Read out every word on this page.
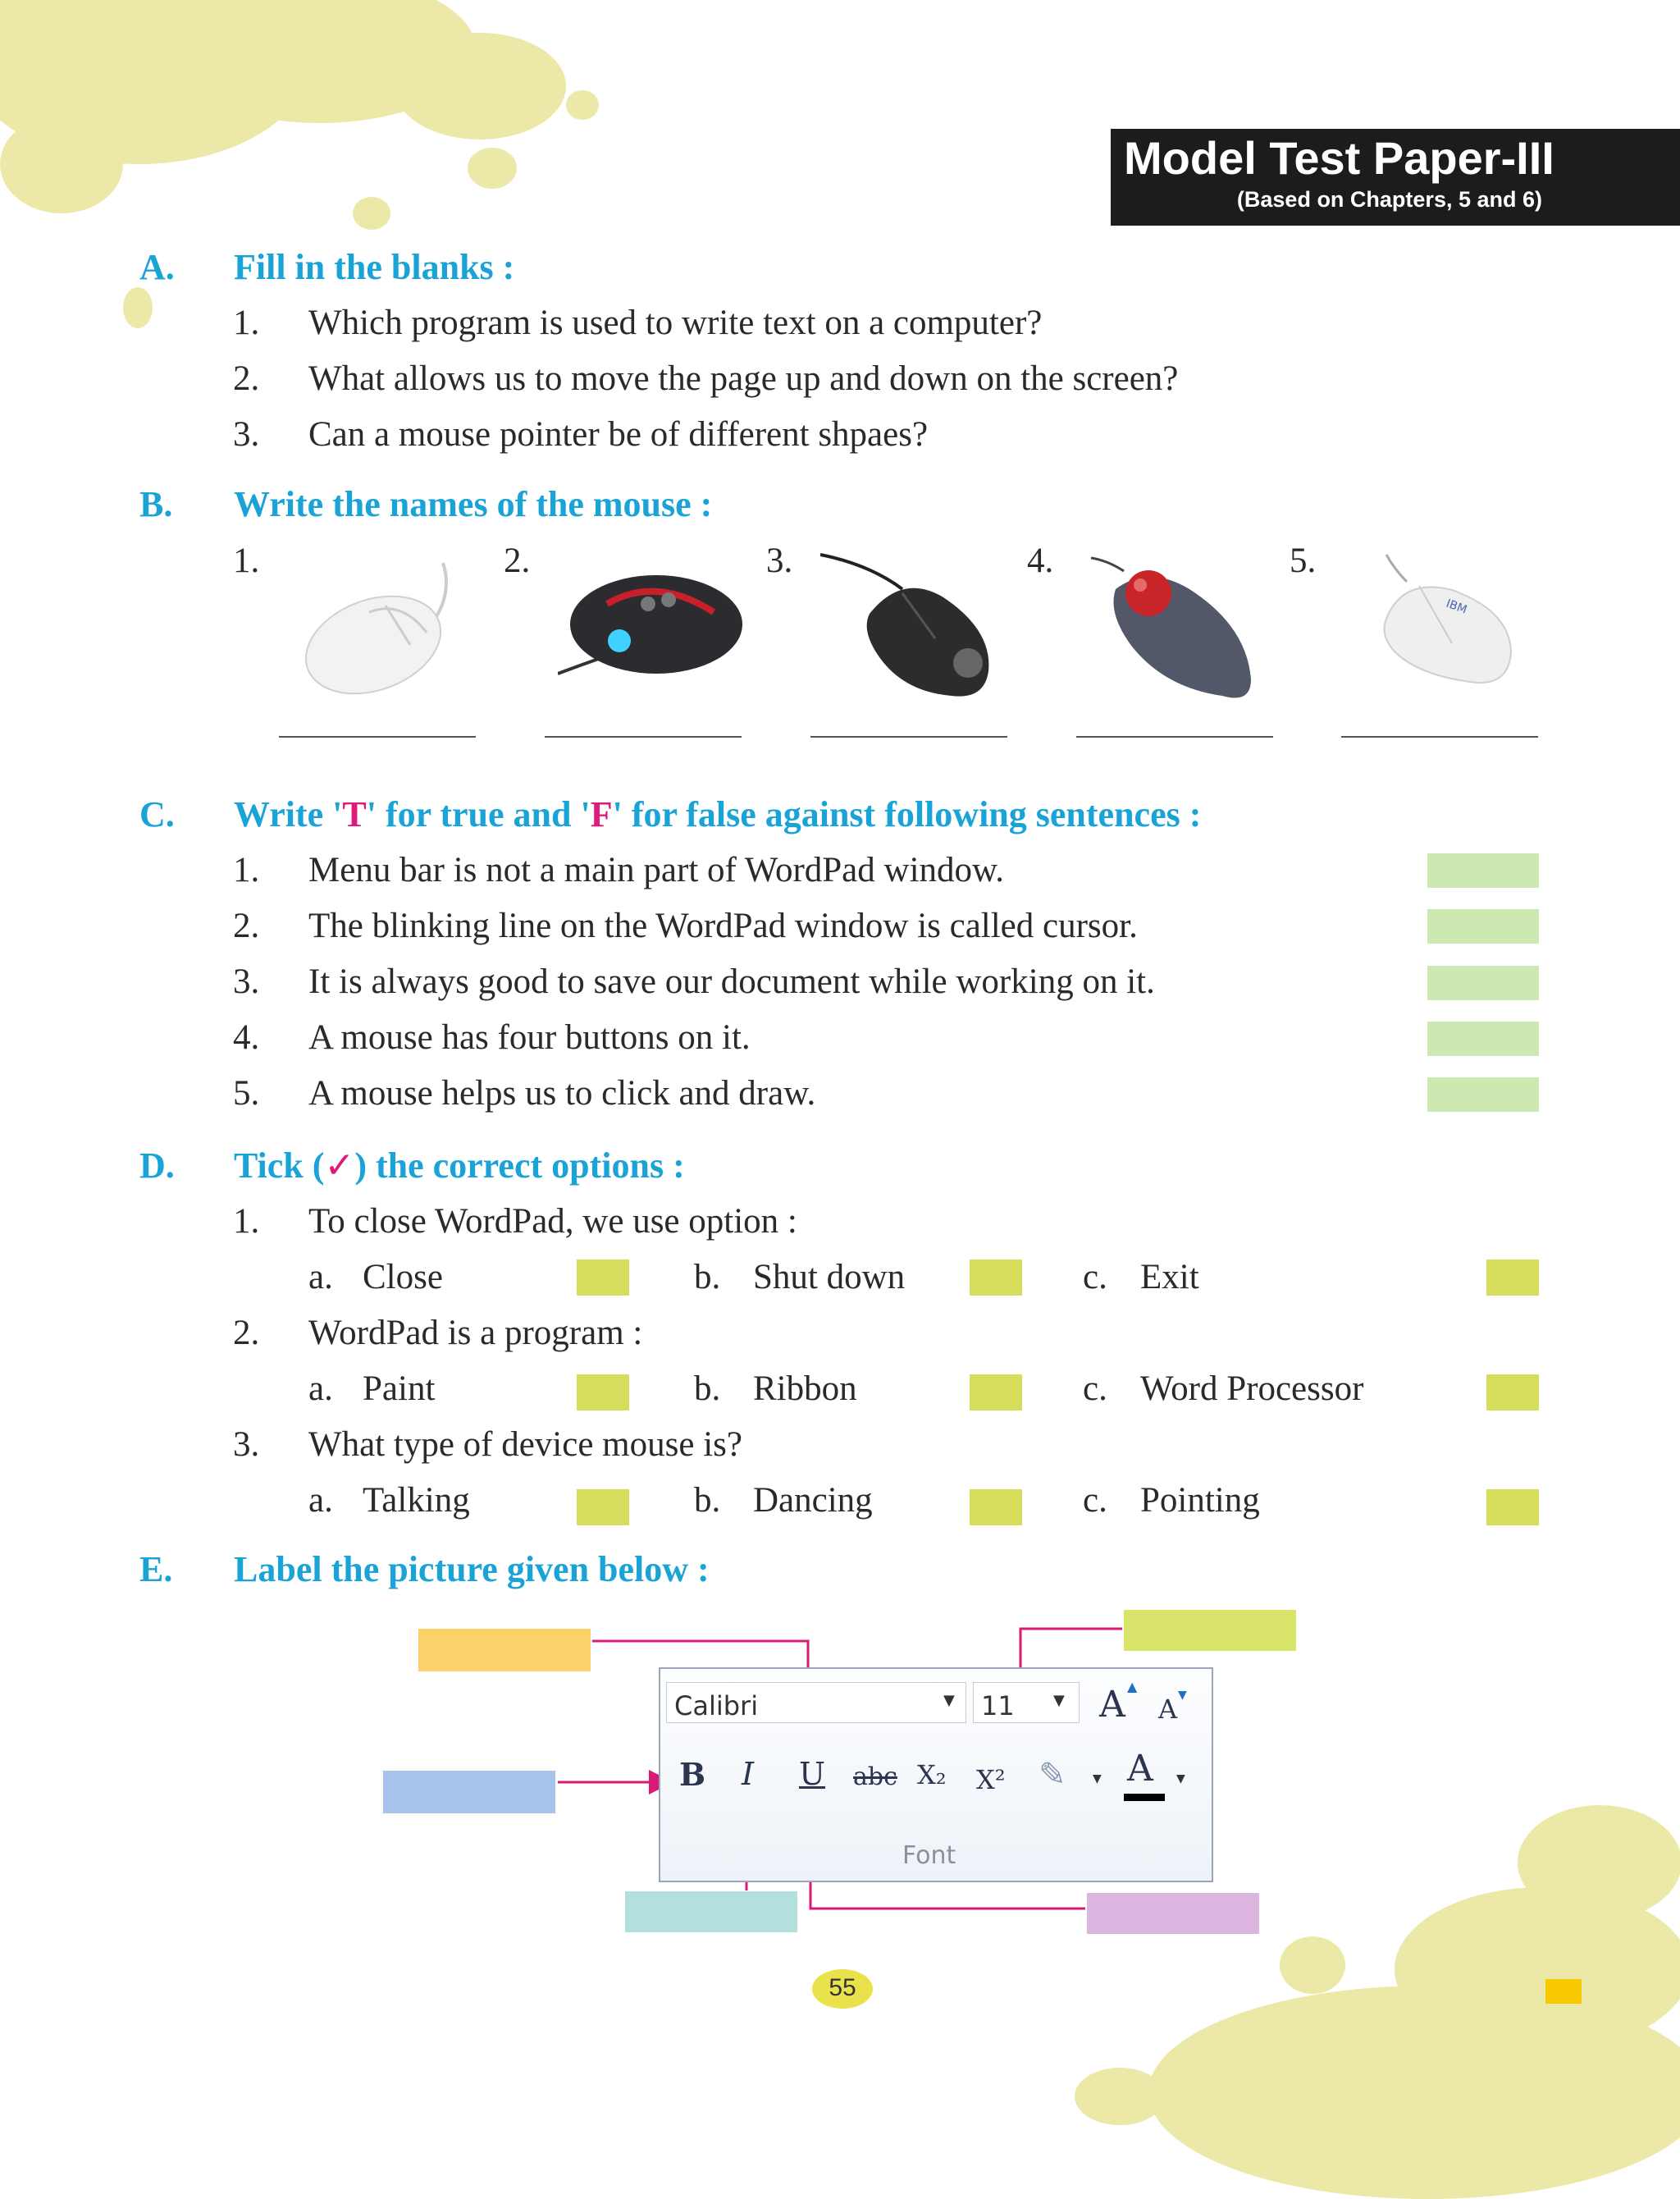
Model Test Paper-III
(Based on Chapters, 5 and 6)
A. Fill in the blanks :
1. Which program is used to write text on a computer?
2. What allows us to move the page up and down on the screen?
3. Can a mouse pointer be of different shpaes?
B. Write the names of the mouse :
1.	2.	3.	4.	5.
IBM
C. Write 'T' for true and 'F' for false against following sentences :
1. Menu bar is not a main part of WordPad window.
2. The blinking line on the WordPad window is called cursor.
3. It is always good to save our document while working on it.
4. A mouse has four buttons on it.
5. A mouse helps us to click and draw.
D. Tick (✓) the correct options :
1. To close WordPad, we use option :
a. Close	b. Shut down	c. Exit
2. WordPad is a program :
a. Paint	b. Ribbon	c. Word Processor
3. What type of device mouse is?
a. Talking	b. Dancing	c. Pointing
E. Label the picture given below :
Calibri	▼ 11	▼ A ▲
A ▼
B I U abc X₂ X² ✎ ▼ A ▼
Font
55
